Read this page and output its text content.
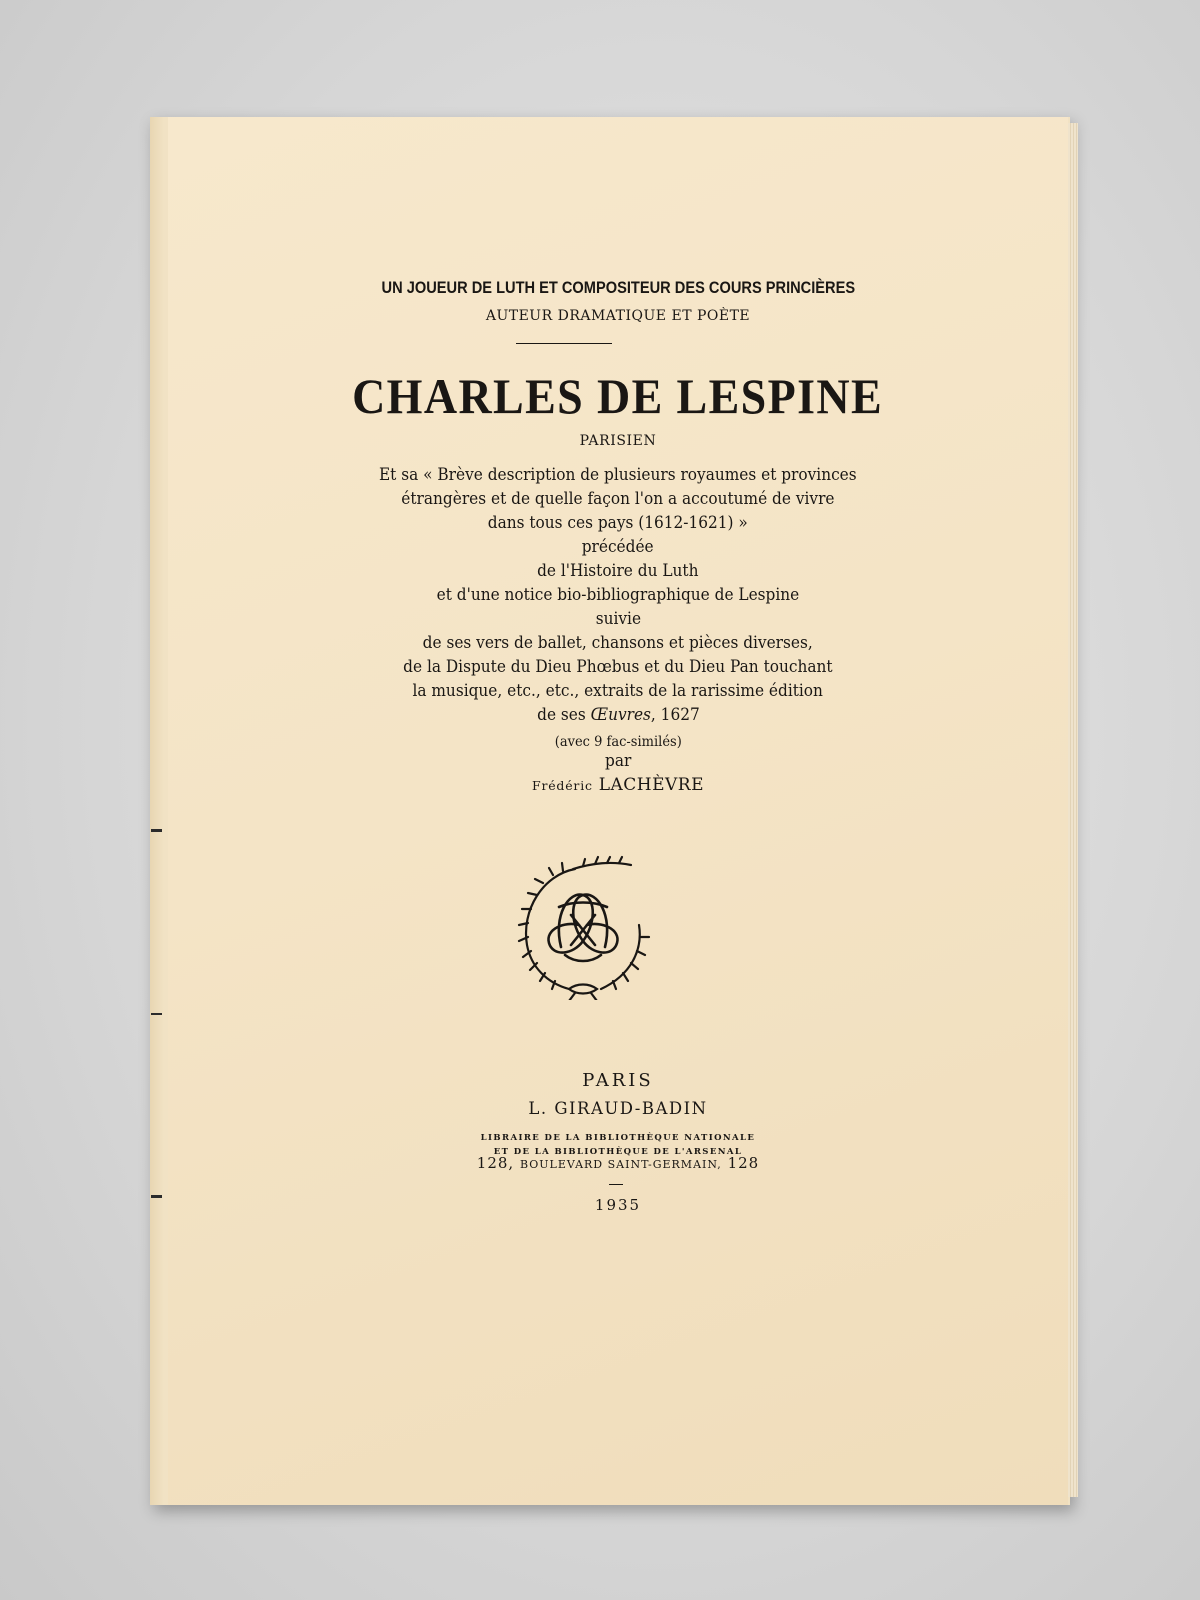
UN JOUEUR DE LUTH ET COMPOSITEUR DES COURS PRINCIÈRES
AUTEUR DRAMATIQUE ET POÈTE
CHARLES DE LESPINE
PARISIEN
Et sa « Brève description de plusieurs royaumes et provinces
étrangères et de quelle façon l'on a accoutumé de vivre
dans tous ces pays (1612-1621) »
précédée
de l'Histoire du Luth
et d'une notice bio-bibliographique de Lespine
suivie
de ses vers de ballet, chansons et pièces diverses,
de la Dispute du Dieu Phœbus et du Dieu Pan touchant
la musique, etc., etc., extraits de la rarissime édition
de ses Œuvres, 1627
(avec 9 fac-similés)
par
Frédéric LACHÈVRE
PARIS
L. GIRAUD-BADIN
LIBRAIRE DE LA BIBLIOTHÈQUE NATIONALE
ET DE LA BIBLIOTHÈQUE DE L'ARSENAL
128, BOULEVARD SAINT-GERMAIN, 128
1935
